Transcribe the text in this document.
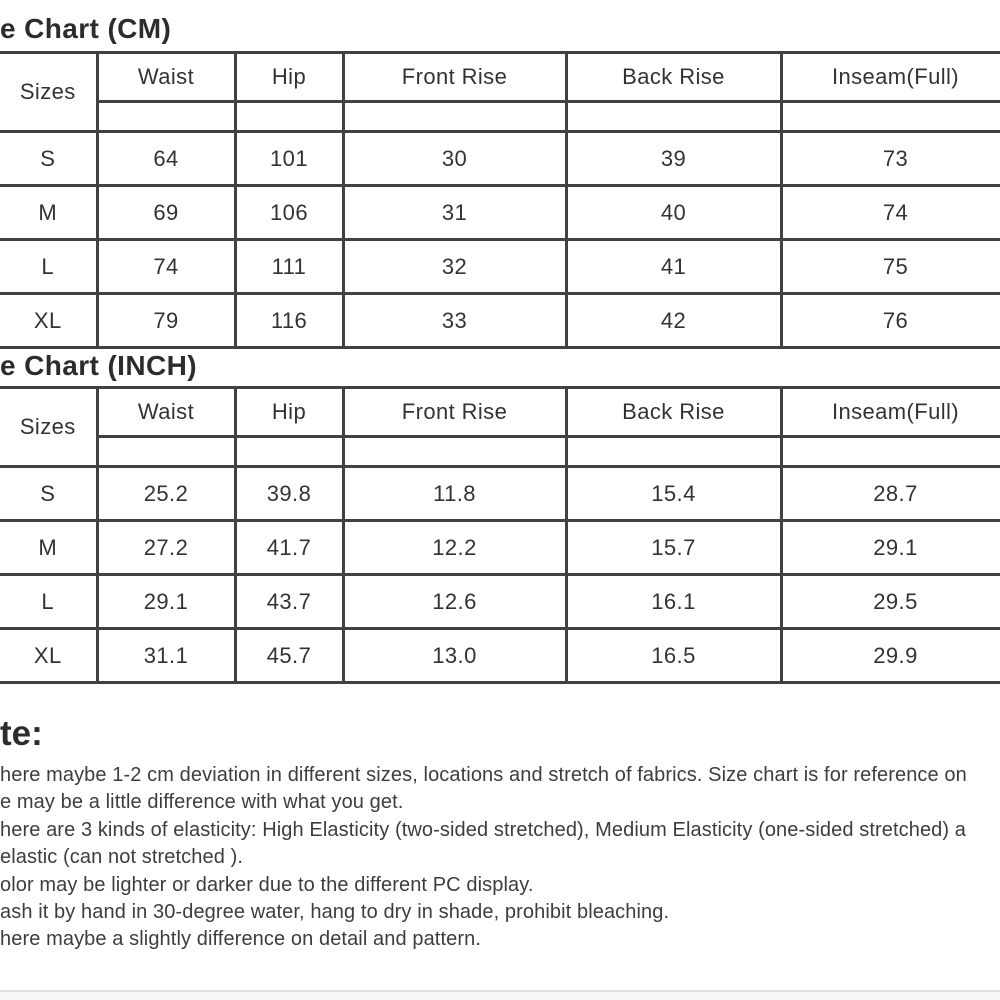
e Chart (CM)
Sizes	Waist	Hip	Front Rise	Back Rise	Inseam(Full)

S	64	101	30	39	73
M	69	106	31	40	74
L	74	111	32	41	75
XL	79	116	33	42	76
e Chart (INCH)
Sizes	Waist	Hip	Front Rise	Back Rise	Inseam(Full)

S	25.2	39.8	11.8	15.4	28.7
M	27.2	41.7	12.2	15.7	29.1
L	29.1	43.7	12.6	16.1	29.5
XL	31.1	45.7	13.0	16.5	29.9
te:
here maybe 1-2 cm deviation in different sizes, locations and stretch of fabrics. Size chart is for reference on
e may be a little difference with what you get.
here are 3 kinds of elasticity: High Elasticity (two-sided stretched), Medium Elasticity (one-sided stretched) a
elastic (can not stretched ).
olor may be lighter or darker due to the different PC display.
ash it by hand in 30-degree water, hang to dry in shade, prohibit bleaching.
here maybe a slightly difference on detail and pattern.
